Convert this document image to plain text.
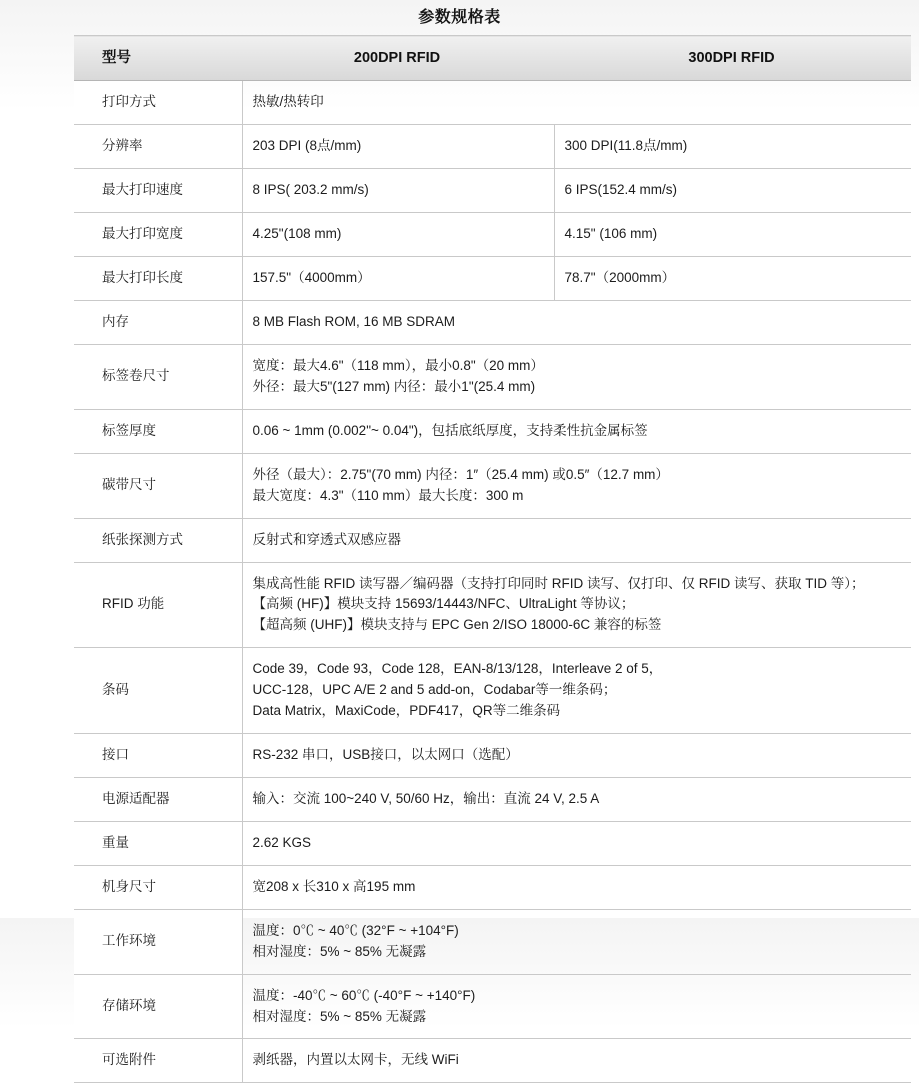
参数规格表
型号	200DPI RFID	300DPI RFID
打印方式	热敏/热转印	

分辨率	203 DPI (8点/mm)	300 DPI(11.8点/mm)
最大打印速度	8 IPS( 203.2 mm/s)	6 IPS(152.4 mm/s)
最大打印宽度	4.25"(108 mm)	4.15" (106 mm)
最大打印长度	157.5"（4000mm）	78.7"（2000mm）
内存	8 MB Flash ROM, 16 MB SDRAM	

标签卷尺寸	宽度：最大4.6"（118 mm），最小0.8"（20 mm）
外径：最大5"(127 mm) 内径：最小1"(25.4 mm)	

标签厚度	0.06 ~ 1mm (0.002"~ 0.04")，包括底纸厚度，支持柔性抗金属标签	

碳带尺寸	外径（最大）：2.75"(70 mm) 内径：1″（25.4 mm) 或0.5″（12.7 mm）
最大宽度：4.3"（110 mm）最大长度：300 m	

纸张探测方式	反射式和穿透式双感应器	

RFID 功能	集成高性能 RFID 读写器／编码器（支持打印同时 RFID 读写、仅打印、仅 RFID 读写、获取 TID 等）；
【高频 (HF)】模块支持 15693/14443/NFC、UltraLight 等协议；
【超高频 (UHF)】模块支持与 EPC Gen 2/ISO 18000-6C 兼容的标签	

条码	Code 39，Code 93，Code 128，EAN-8/13/128，Interleave 2 of 5，
UCC-128，UPC A/E 2 and 5 add-on，Codabar等一维条码；
Data Matrix，MaxiCode，PDF417，QR等二维条码	

接口	RS-232 串口，USB接口，以太网口（选配）	

电源适配器	输入：交流 100~240 V, 50/60 Hz，输出：直流 24 V, 2.5 A	

重量	2.62 KGS	

机身尺寸	宽208 x 长310 x 高195 mm	

工作环境	温度：0℃ ~ 40℃ (32°F ~ +104°F)
相对湿度：5% ~ 85% 无凝露	

存储环境	温度：-40℃ ~ 60℃ (-40°F ~ +140°F)
相对湿度：5% ~ 85% 无凝露	

可选附件	剥纸器，内置以太网卡，无线 WiFi	
